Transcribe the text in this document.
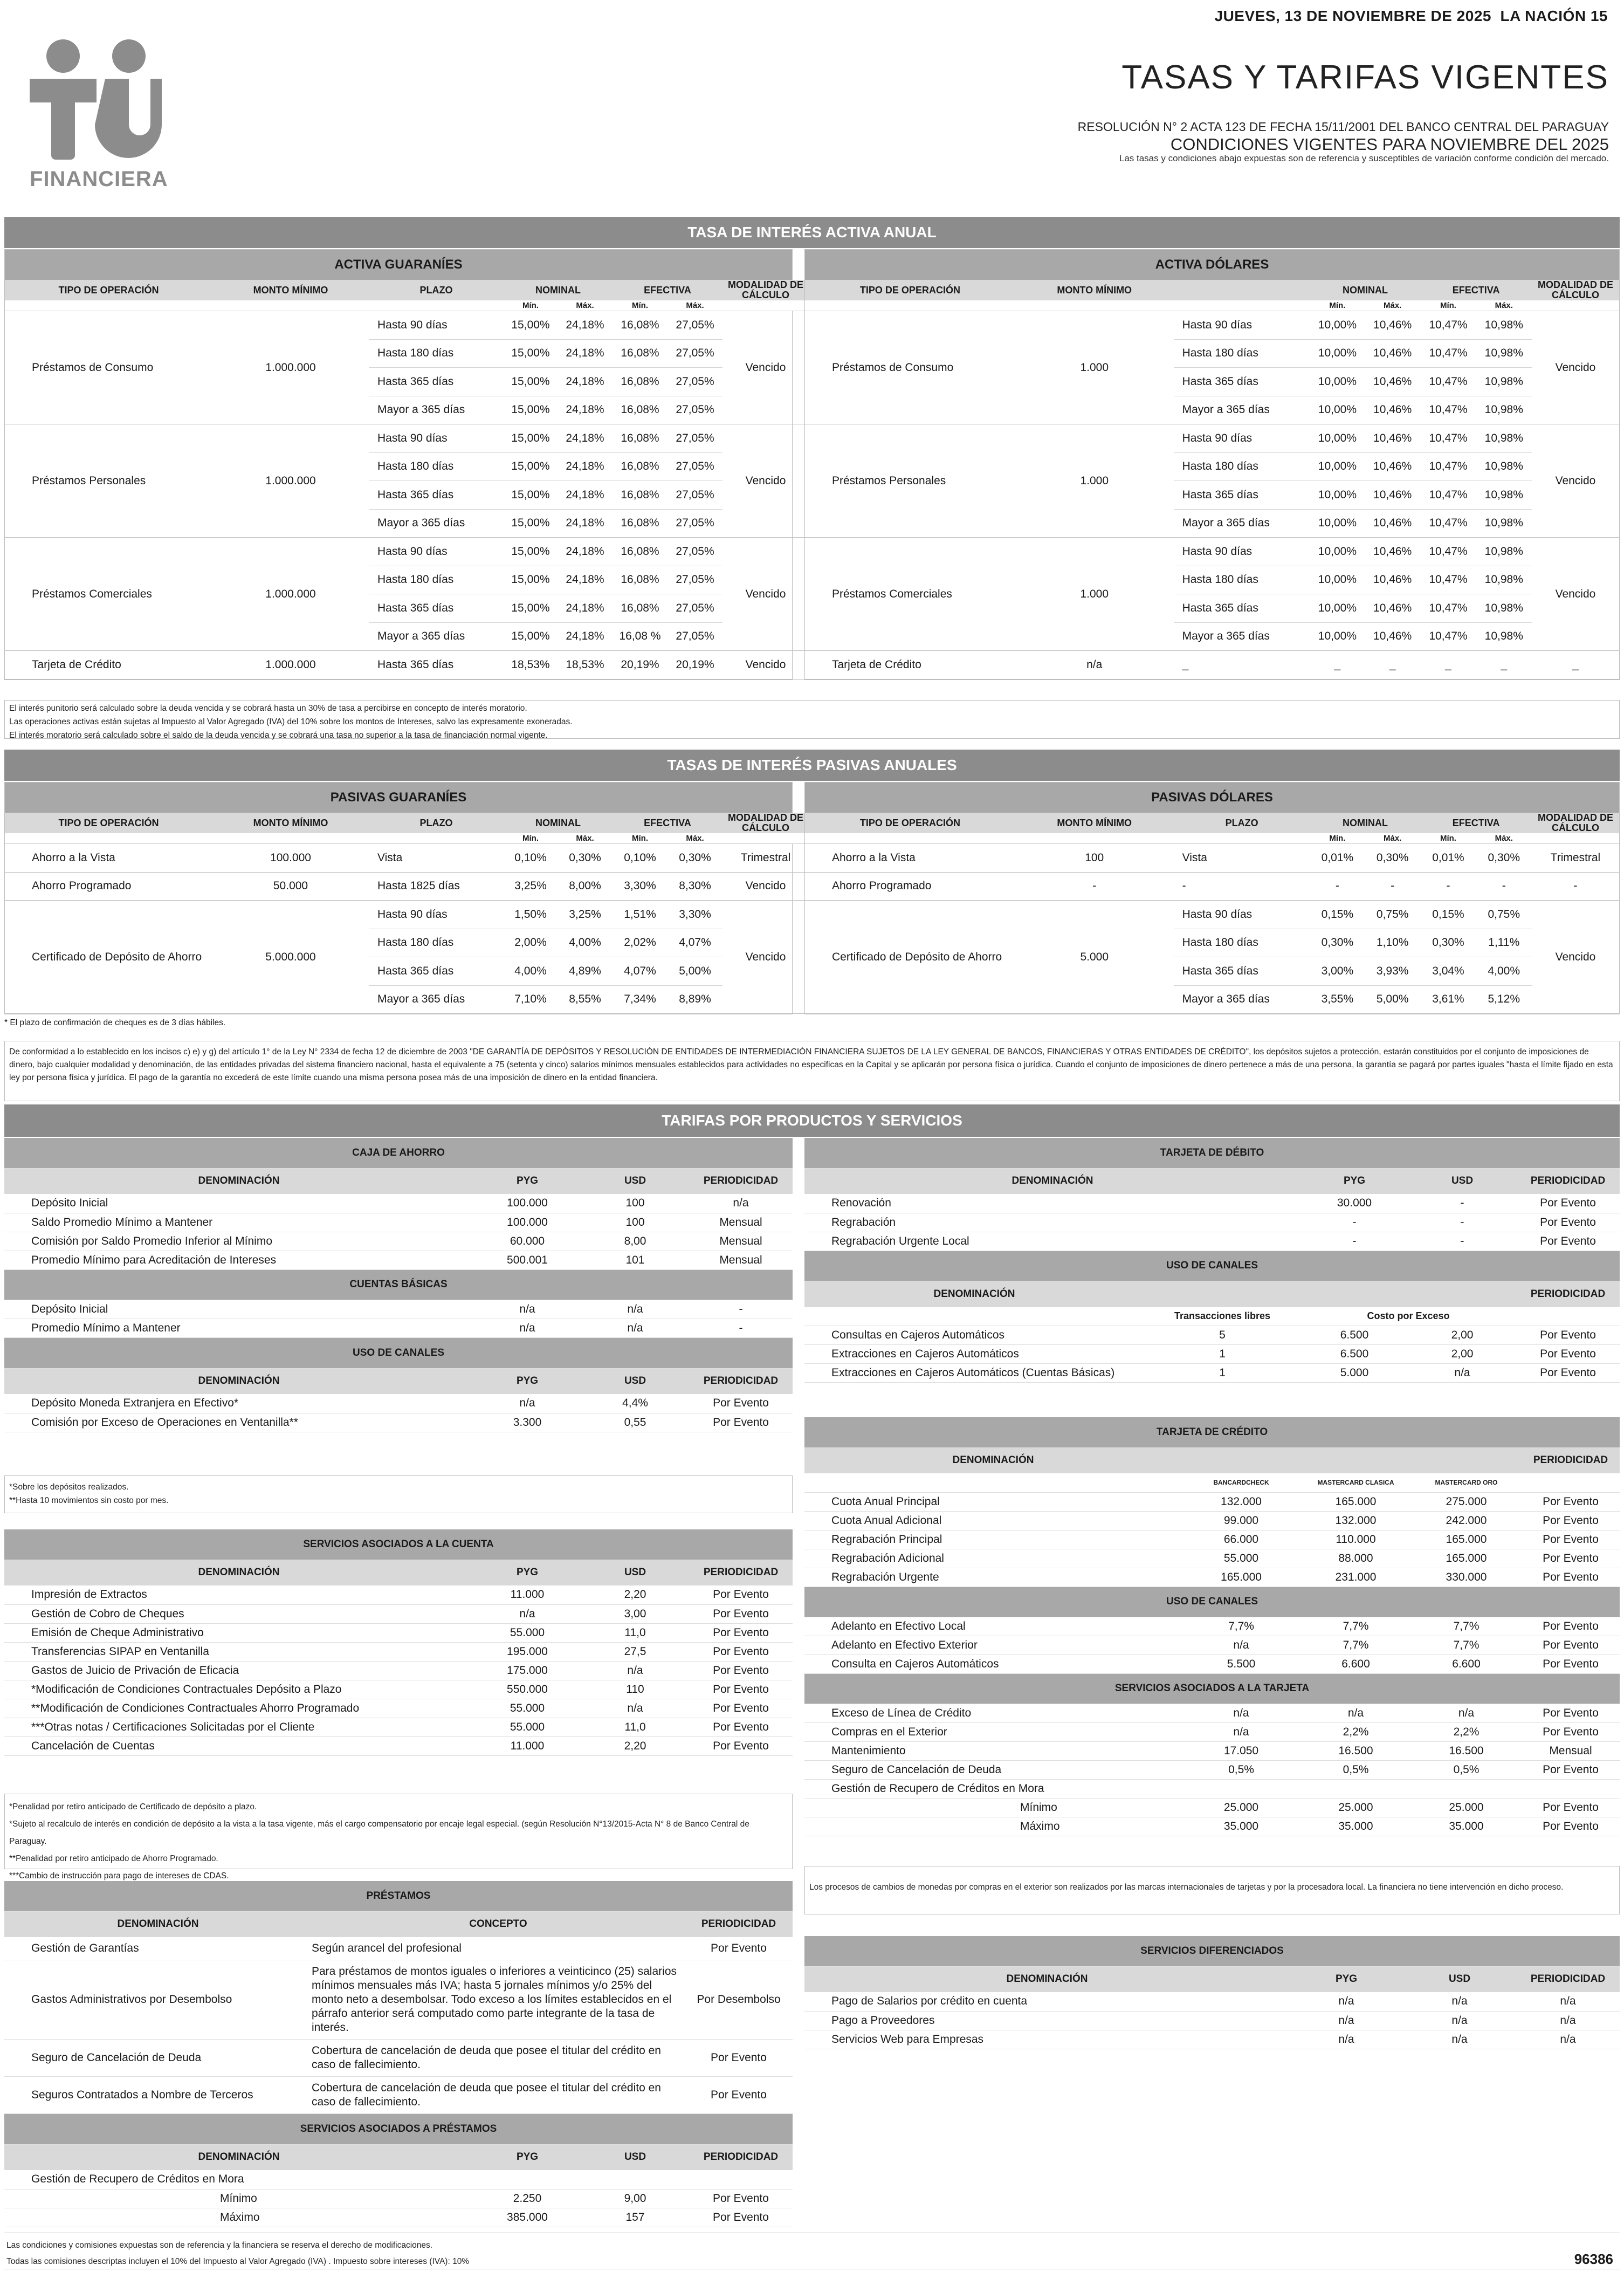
JUEVES, 13 DE NOVIEMBRE DE 2025 LA NACIÓN 15
FINANCIERA
TASAS Y TARIFAS VIGENTES
RESOLUCIÓN N° 2 ACTA 123 DE FECHA 15/11/2001 DEL BANCO CENTRAL DEL PARAGUAY
CONDICIONES VIGENTES PARA NOVIEMBRE DEL 2025
Las tasas y condiciones abajo expuestas son de referencia y susceptibles de variación conforme condición del mercado.
TASA DE INTERÉS ACTIVA ANUAL
ACTIVA GUARANÍES
TIPO DE OPERACIÓN	MONTO MÍNIMO	PLAZO	NOMINAL		EFECTIVA		MODALIDAD DE CÁLCULO
			Mín.	Máx.	Mín.	Máx.	
Préstamos de Consumo	1.000.000	Hasta 90 días	15,00%	24,18%	16,08%	27,05%	Vencido
		Hasta 180 días	15,00%	24,18%	16,08%	27,05%	
		Hasta 365 días	15,00%	24,18%	16,08%	27,05%	
		Mayor a 365 días	15,00%	24,18%	16,08%	27,05%	
Préstamos Personales	1.000.000	Hasta 90 días	15,00%	24,18%	16,08%	27,05%	Vencido
		Hasta 180 días	15,00%	24,18%	16,08%	27,05%	
		Hasta 365 días	15,00%	24,18%	16,08%	27,05%	
		Mayor a 365 días	15,00%	24,18%	16,08%	27,05%	
Préstamos Comerciales	1.000.000	Hasta 90 días	15,00%	24,18%	16,08%	27,05%	Vencido
		Hasta 180 días	15,00%	24,18%	16,08%	27,05%	
		Hasta 365 días	15,00%	24,18%	16,08%	27,05%	
		Mayor a 365 días	15,00%	24,18%	16,08 %	27,05%	
Tarjeta de Crédito	1.000.000	Hasta 365 días	18,53%	18,53%	20,19%	20,19%	Vencido
ACTIVA DÓLARES
TIPO DE OPERACIÓN	MONTO MÍNIMO		NOMINAL		EFECTIVA		MODALIDAD DE CÁLCULO
			Mín.	Máx.	Mín.	Máx.	
Préstamos de Consumo	1.000	Hasta 90 días	10,00%	10,46%	10,47%	10,98%	Vencido
		Hasta 180 días	10,00%	10,46%	10,47%	10,98%	
		Hasta 365 días	10,00%	10,46%	10,47%	10,98%	
		Mayor a 365 días	10,00%	10,46%	10,47%	10,98%	
Préstamos Personales	1.000	Hasta 90 días	10,00%	10,46%	10,47%	10,98%	Vencido
		Hasta 180 días	10,00%	10,46%	10,47%	10,98%	
		Hasta 365 días	10,00%	10,46%	10,47%	10,98%	
		Mayor a 365 días	10,00%	10,46%	10,47%	10,98%	
Préstamos Comerciales	1.000	Hasta 90 días	10,00%	10,46%	10,47%	10,98%	Vencido
		Hasta 180 días	10,00%	10,46%	10,47%	10,98%	
		Hasta 365 días	10,00%	10,46%	10,47%	10,98%	
		Mayor a 365 días	10,00%	10,46%	10,47%	10,98%	
Tarjeta de Crédito	n/a	_	_	_	_	_	_
El interés punitorio será calculado sobre la deuda vencida y se cobrará hasta un 30% de tasa a percibirse en concepto de interés moratorio.
Las operaciones activas están sujetas al Impuesto al Valor Agregado (IVA) del 10% sobre los montos de Intereses, salvo las expresamente exoneradas.
El interés moratorio será calculado sobre el saldo de la deuda vencida y se cobrará una tasa no superior a la tasa de financiación normal vigente.
TASAS DE INTERÉS PASIVAS ANUALES
PASIVAS GUARANÍES
TIPO DE OPERACIÓN	MONTO MÍNIMO	PLAZO	NOMINAL		EFECTIVA		MODALIDAD DE CÁLCULO
			Mín.	Máx.	Mín.	Máx.	
Ahorro a la Vista	100.000	Vista	0,10%	0,30%	0,10%	0,30%	Trimestral
Ahorro Programado	50.000	Hasta 1825 días	3,25%	8,00%	3,30%	8,30%	Vencido
Certificado de Depósito de Ahorro	5.000.000	Hasta 90 días	1,50%	3,25%	1,51%	3,30%	Vencido
		Hasta 180 días	2,00%	4,00%	2,02%	4,07%	
		Hasta 365 días	4,00%	4,89%	4,07%	5,00%	
		Mayor a 365 días	7,10%	8,55%	7,34%	8,89%	
PASIVAS DÓLARES
TIPO DE OPERACIÓN	MONTO MÍNIMO	PLAZO	NOMINAL		EFECTIVA		MODALIDAD DE CÁLCULO
			Mín.	Máx.	Mín.	Máx.	
Ahorro a la Vista	100	Vista	0,01%	0,30%	0,01%	0,30%	Trimestral
Ahorro Programado	-	-	-	-	-	-	-
Certificado de Depósito de Ahorro	5.000	Hasta 90 días	0,15%	0,75%	0,15%	0,75%	Vencido
		Hasta 180 días	0,30%	1,10%	0,30%	1,11%	
		Hasta 365 días	3,00%	3,93%	3,04%	4,00%	
		Mayor a 365 días	3,55%	5,00%	3,61%	5,12%	
* El plazo de confirmación de cheques es de 3 días hábiles.
De conformidad a lo establecido en los incisos c) e) y g) del artículo 1° de la Ley N° 2334 de fecha 12 de diciembre de 2003 "DE GARANTÍA DE DEPÓSITOS Y RESOLUCIÓN DE ENTIDADES DE INTERMEDIACIÓN FINANCIERA SUJETOS DE LA LEY GENERAL DE BANCOS, FINANCIERAS Y OTRAS ENTIDADES DE CRÉDITO", los depósitos sujetos a protección, estarán constituidos por el conjunto de imposiciones de dinero, bajo cualquier modalidad y denominación, de las entidades privadas del sistema financiero nacional, hasta el equivalente a 75 (setenta y cinco) salarios mínimos mensuales establecidos para actividades no especificas en la Capital y se aplicarán por persona física o jurídica. Cuando el conjunto de imposiciones de dinero pertenece a más de una persona, la garantía se pagará por partes iguales "hasta el límite fijado en esta ley por persona física y jurídica. El pago de la garantía no excederá de este límite cuando una misma persona posea más de una imposición de dinero en la entidad financiera.
TARIFAS POR PRODUCTOS Y SERVICIOS
CAJA DE AHORRO			
DENOMINACIÓN	PYG	USD	PERIODICIDAD
Depósito Inicial	100.000	100	n/a
Saldo Promedio Mínimo a Mantener	100.000	100	Mensual
Comisión por Saldo Promedio Inferior al Mínimo	60.000	8,00	Mensual
Promedio Mínimo para Acreditación de Intereses	500.001	101	Mensual
CUENTAS BÁSICAS			
Depósito Inicial	n/a	n/a	-
Promedio Mínimo a Mantener	n/a	n/a	-
USO DE CANALES			
DENOMINACIÓN	PYG	USD	PERIODICIDAD
Depósito Moneda Extranjera en Efectivo*	n/a	4,4%	Por Evento
Comisión por Exceso de Operaciones en Ventanilla**	3.300	0,55	Por Evento
*Sobre los depósitos realizados.
**Hasta 10 movimientos sin costo por mes.
SERVICIOS ASOCIADOS A LA CUENTA			
DENOMINACIÓN	PYG	USD	PERIODICIDAD
Impresión de Extractos	11.000	2,20	Por Evento
Gestión de Cobro de Cheques	n/a	3,00	Por Evento
Emisión de Cheque Administrativo	55.000	11,0	Por Evento
Transferencias SIPAP en Ventanilla	195.000	27,5	Por Evento
Gastos de Juicio de Privación de Eficacia	175.000	n/a	Por Evento
*Modificación de Condiciones Contractuales Depósito a Plazo	550.000	110	Por Evento
**Modificación de Condiciones Contractuales Ahorro Programado	55.000	n/a	Por Evento
***Otras notas / Certificaciones Solicitadas por el Cliente	55.000	11,0	Por Evento
Cancelación de Cuentas	11.000	2,20	Por Evento
*Penalidad por retiro anticipado de Certificado de depósito a plazo.
*Sujeto al recalculo de interés en condición de depósito a la vista a la tasa vigente, más el cargo compensatorio por encaje legal especial. (según Resolución N°13/2015-Acta N° 8 de Banco Central de Paraguay.
**Penalidad por retiro anticipado de Ahorro Programado.
***Cambio de instrucción para pago de intereses de CDAS.
PRÉSTAMOS		
DENOMINACIÓN	CONCEPTO	PERIODICIDAD
Gestión de Garantías	Según arancel del profesional	Por Evento
Gastos Administrativos por Desembolso	Para préstamos de montos iguales o inferiores a veinticinco (25) salarios mínimos mensuales más IVA; hasta 5 jornales mínimos y/o 25% del monto neto a desembolsar. Todo exceso a los límites establecidos en el párrafo anterior será computado como parte integrante de la tasa de interés.	Por Desembolso
Seguro de Cancelación de Deuda	Cobertura de cancelación de deuda que posee el titular del crédito en caso de fallecimiento.	Por Evento
Seguros Contratados a Nombre de Terceros	Cobertura de cancelación de deuda que posee el titular del crédito en caso de fallecimiento.	Por Evento
SERVICIOS ASOCIADOS A PRÉSTAMOS			
DENOMINACIÓN	PYG	USD	PERIODICIDAD
Gestión de Recupero de Créditos en Mora			
Mínimo	2.250	9,00	Por Evento
Máximo	385.000	157	Por Evento
TARJETA DE DÉBITO			
DENOMINACIÓN	PYG	USD	PERIODICIDAD
Renovación	30.000	-	Por Evento
Regrabación	-	-	Por Evento
Regrabación Urgente Local	-	-	Por Evento
USO DE CANALES				
DENOMINACIÓN				PERIODICIDAD
	Transacciones libres	Costo por Exceso		
Consultas en Cajeros Automáticos	5	6.500	2,00	Por Evento
Extracciones en Cajeros Automáticos	1	6.500	2,00	Por Evento
Extracciones en Cajeros Automáticos (Cuentas Básicas)	1	5.000	n/a	Por Evento
TARJETA DE CRÉDITO				
DENOMINACIÓN				PERIODICIDAD
	BANCARDCHECK	MASTERCARD CLASICA	MASTERCARD ORO	
Cuota Anual Principal	132.000	165.000	275.000	Por Evento
Cuota Anual Adicional	99.000	132.000	242.000	Por Evento
Regrabación Principal	66.000	110.000	165.000	Por Evento
Regrabación Adicional	55.000	88.000	165.000	Por Evento
Regrabación Urgente	165.000	231.000	330.000	Por Evento
USO DE CANALES				
Adelanto en Efectivo Local	7,7%	7,7%	7,7%	Por Evento
Adelanto en Efectivo Exterior	n/a	7,7%	7,7%	Por Evento
Consulta en Cajeros Automáticos	5.500	6.600	6.600	Por Evento
SERVICIOS ASOCIADOS A LA TARJETA				
Exceso de Línea de Crédito	n/a	n/a	n/a	Por Evento
Compras en el Exterior	n/a	2,2%	2,2%	Por Evento
Mantenimiento	17.050	16.500	16.500	Mensual
Seguro de Cancelación de Deuda	0,5%	0,5%	0,5%	Por Evento
Gestión de Recupero de Créditos en Mora				
Mínimo	25.000	25.000	25.000	Por Evento
Máximo	35.000	35.000	35.000	Por Evento
Los procesos de cambios de monedas por compras en el exterior son realizados por las marcas internacionales de tarjetas y por la procesadora local. La financiera no tiene intervención en dicho proceso.
SERVICIOS DIFERENCIADOS			
DENOMINACIÓN	PYG	USD	PERIODICIDAD
Pago de Salarios por crédito en cuenta	n/a	n/a	n/a
Pago a Proveedores	n/a	n/a	n/a
Servicios Web para Empresas	n/a	n/a	n/a
Las condiciones y comisiones expuestas son de referencia y la financiera se reserva el derecho de modificaciones.
Todas las comisiones descriptas incluyen el 10% del Impuesto al Valor Agregado (IVA) . Impuesto sobre intereses (IVA): 10%	96386
